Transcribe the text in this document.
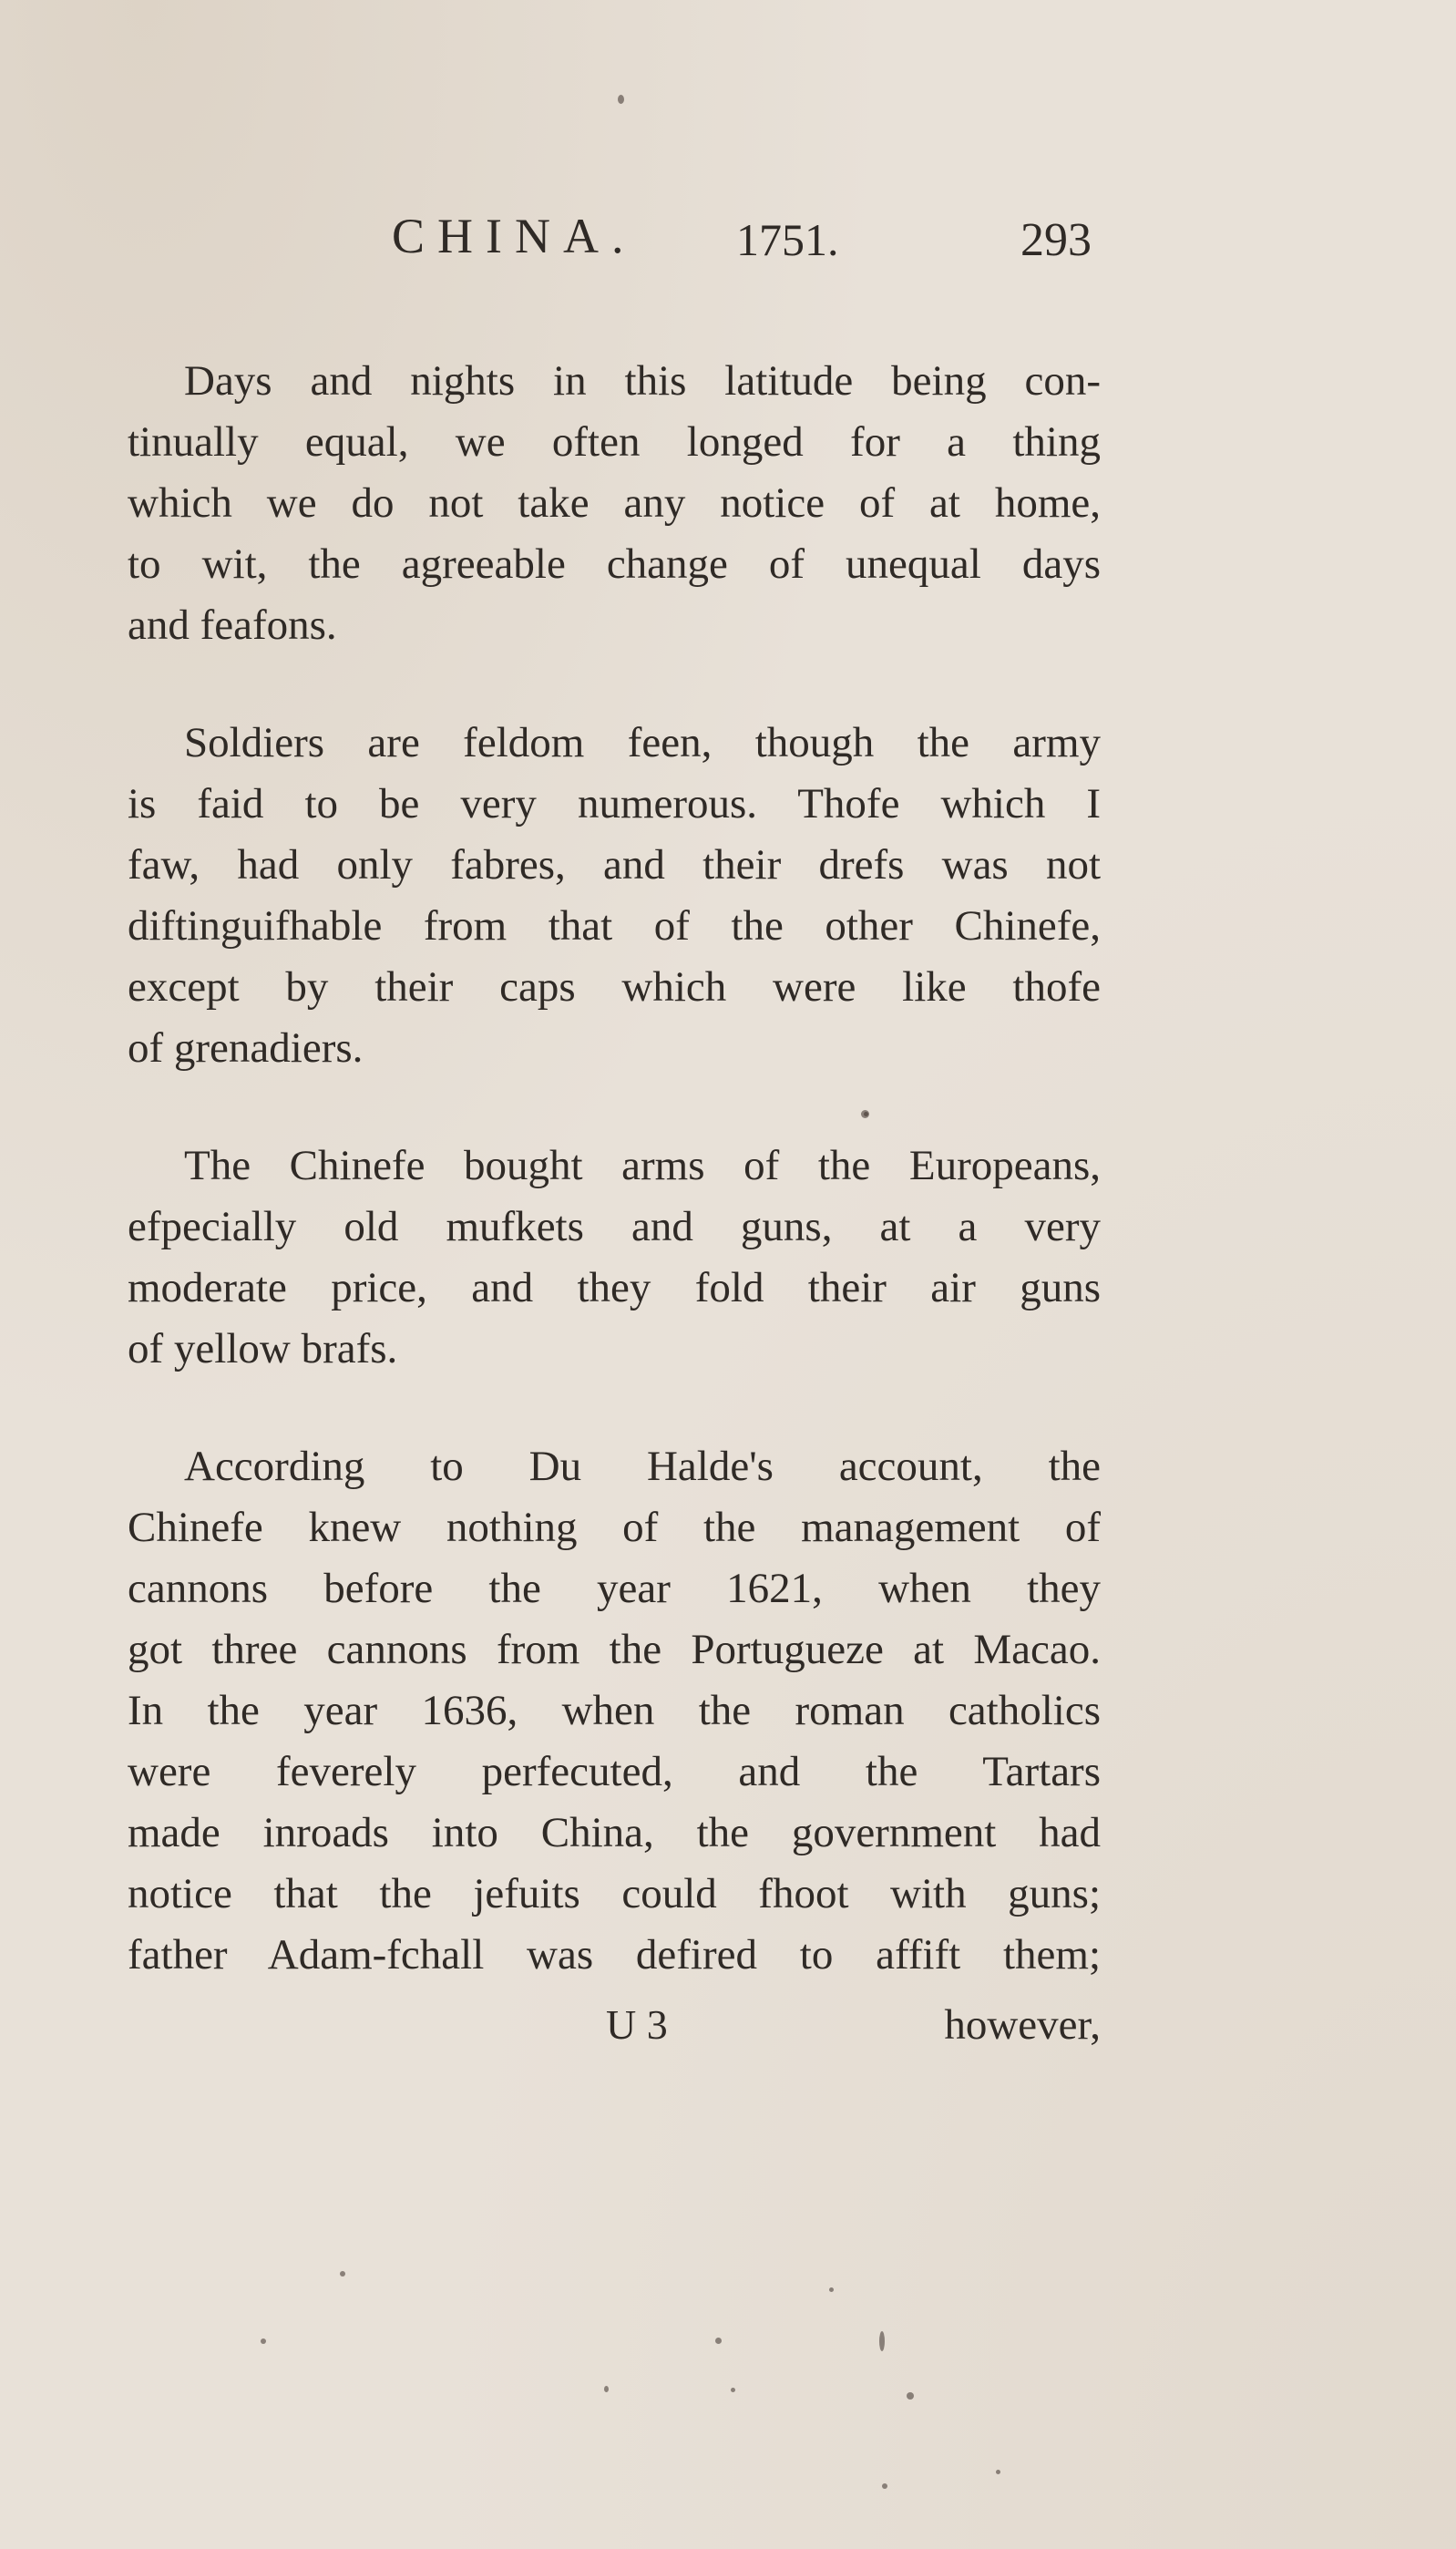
CHINA. 1751.	293
Days and nights in this latitude being con-
tinually equal, we often longed for a thing
which we do not take any notice of at home,
to wit, the agreeable change of unequal days
and feafons.
Soldiers are feldom feen, though the army
is faid to be very numerous. Thofe which I
faw, had only fabres, and their drefs was not
diftinguifhable from that of the other Chinefe,
except by their caps which were like thofe
of grenadiers.
The Chinefe bought arms of the Europeans,
efpecially old mufkets and guns, at a very
moderate price, and they fold their air guns
of yellow brafs.
According to Du Halde's account, the
Chinefe knew nothing of the management of
cannons before the year 1621, when they
got three cannons from the Portugueze at Macao.
In the year 1636, when the roman catholics
were feverely perfecuted, and the Tartars
made inroads into China, the government had
notice that the jefuits could fhoot with guns;
father Adam-fchall was defired to affift them;
U 3	however,
